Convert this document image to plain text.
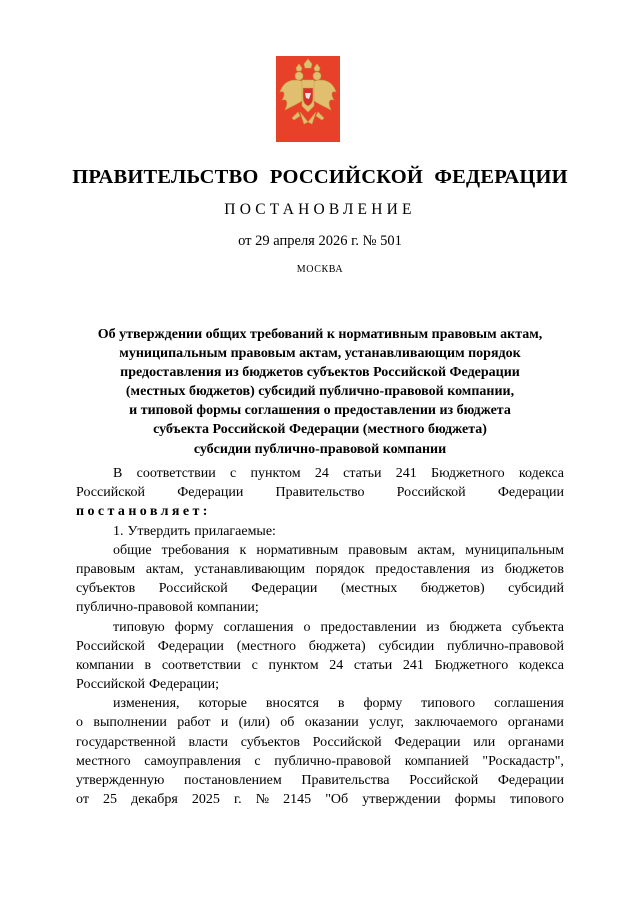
ПРАВИТЕЛЬСТВО РОССИЙСКОЙ ФЕДЕРАЦИИ
ПОСТАНОВЛЕНИЕ
от 29 апреля 2026 г. № 501
МОСКВА
Об утверждении общих требований к нормативным правовым актам,
муниципальным правовым актам, устанавливающим порядок
предоставления из бюджетов субъектов Российской Федерации
(местных бюджетов) субсидий публично-правовой компании,
и типовой формы соглашения о предоставлении из бюджета
субъекта Российской Федерации (местного бюджета)
субсидии публично-правовой компании
В соответствии с пунктом 24 статьи 241 Бюджетного кодекса
Российской Федерации Правительство Российской Федерации
постановляет:
1. Утвердить прилагаемые:
общие требования к нормативным правовым актам, муниципальным
правовым актам, устанавливающим порядок предоставления из бюджетов
субъектов Российской Федерации (местных бюджетов) субсидий
публично-правовой компании;
типовую форму соглашения о предоставлении из бюджета субъекта
Российской Федерации (местного бюджета) субсидии публично-правовой
компании в соответствии с пунктом 24 статьи 241 Бюджетного кодекса
Российской Федерации;
изменения, которые вносятся в форму типового соглашения
о выполнении работ и (или) об оказании услуг, заключаемого органами
государственной власти субъектов Российской Федерации или органами
местного самоуправления с публично-правовой компанией "Роскадастр",
утвержденную постановлением Правительства Российской Федерации
от 25 декабря 2025 г. № 2145 "Об утверждении формы типового
